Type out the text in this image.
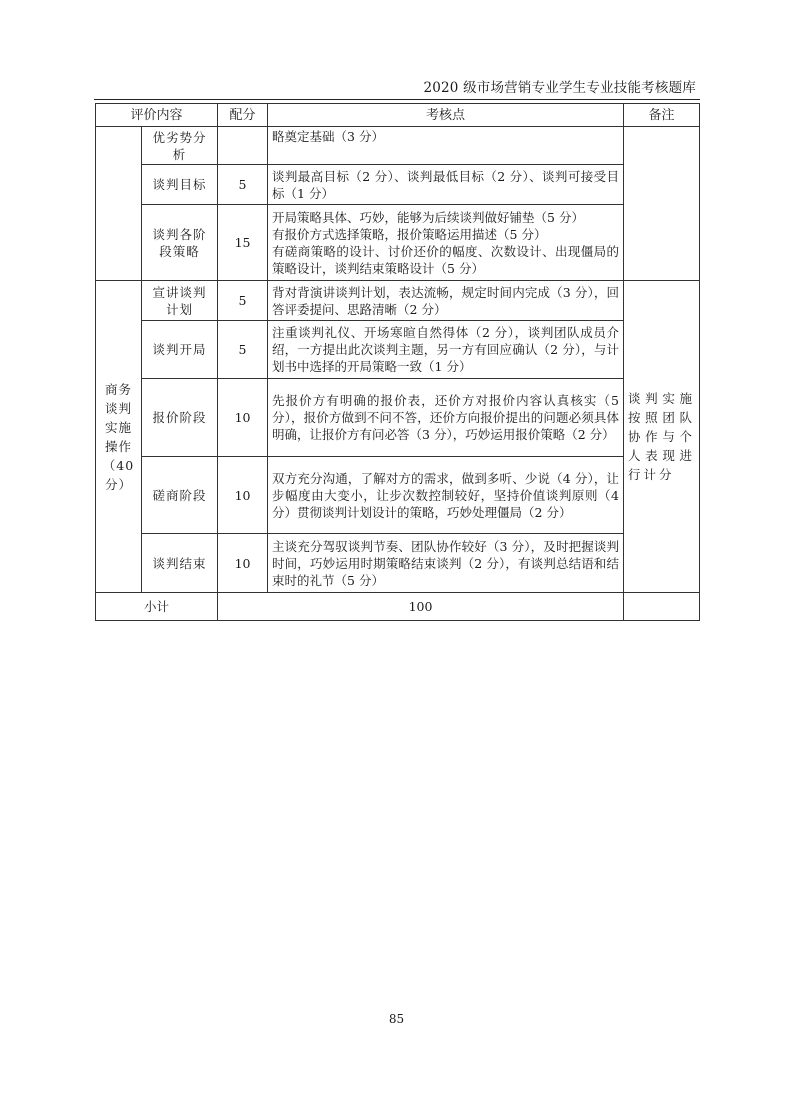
2020 级市场营销专业学生专业技能考核题库
评价内容		配分	考核点	备注
	优劣势分析		略奠定基础（3 分）	

	谈判目标	5	谈判最高目标（2 分）、谈判最低目标（2 分）、谈判可接受目标（1 分）	

	谈判各阶段策略	15	开局策略具体、巧妙，能够为后续谈判做好铺垫（5 分）
有报价方式选择策略，报价策略运用描述（5 分）
有磋商策略的设计、讨价还价的幅度、次数设计、出现僵局的策略设计，谈判结束策略设计（5 分）	

商务谈判实施操作（40分）	宣讲谈判计划	5	背对背演讲谈判计划，表达流畅，规定时间内完成（3 分），回答评委提问、思路清晰（2 分）	谈判实施按照团队协作与个人表现进行计分
	谈判开局	5	注重谈判礼仪、开场寒暄自然得体（2 分），谈判团队成员介绍，一方提出此次谈判主题，另一方有回应确认（2 分），与计划书中选择的开局策略一致（1 分）	

	报价阶段	10	先报价方有明确的报价表，还价方对报价内容认真核实（5 分），报价方做到不问不答，还价方向报价提出的问题必须具体明确，让报价方有问必答（3 分），巧妙运用报价策略（2 分）	

	磋商阶段	10	双方充分沟通，了解对方的需求，做到多听、少说（4 分），让步幅度由大变小，让步次数控制较好，坚持价值谈判原则（4 分）贯彻谈判计划设计的策略，巧妙处理僵局（2 分）	

	谈判结束	10	主谈充分驾驭谈判节奏、团队协作较好（3 分），及时把握谈判时间，巧妙运用时期策略结束谈判（2 分），有谈判总结语和结束时的礼节（5 分）	

小计		100		
85
